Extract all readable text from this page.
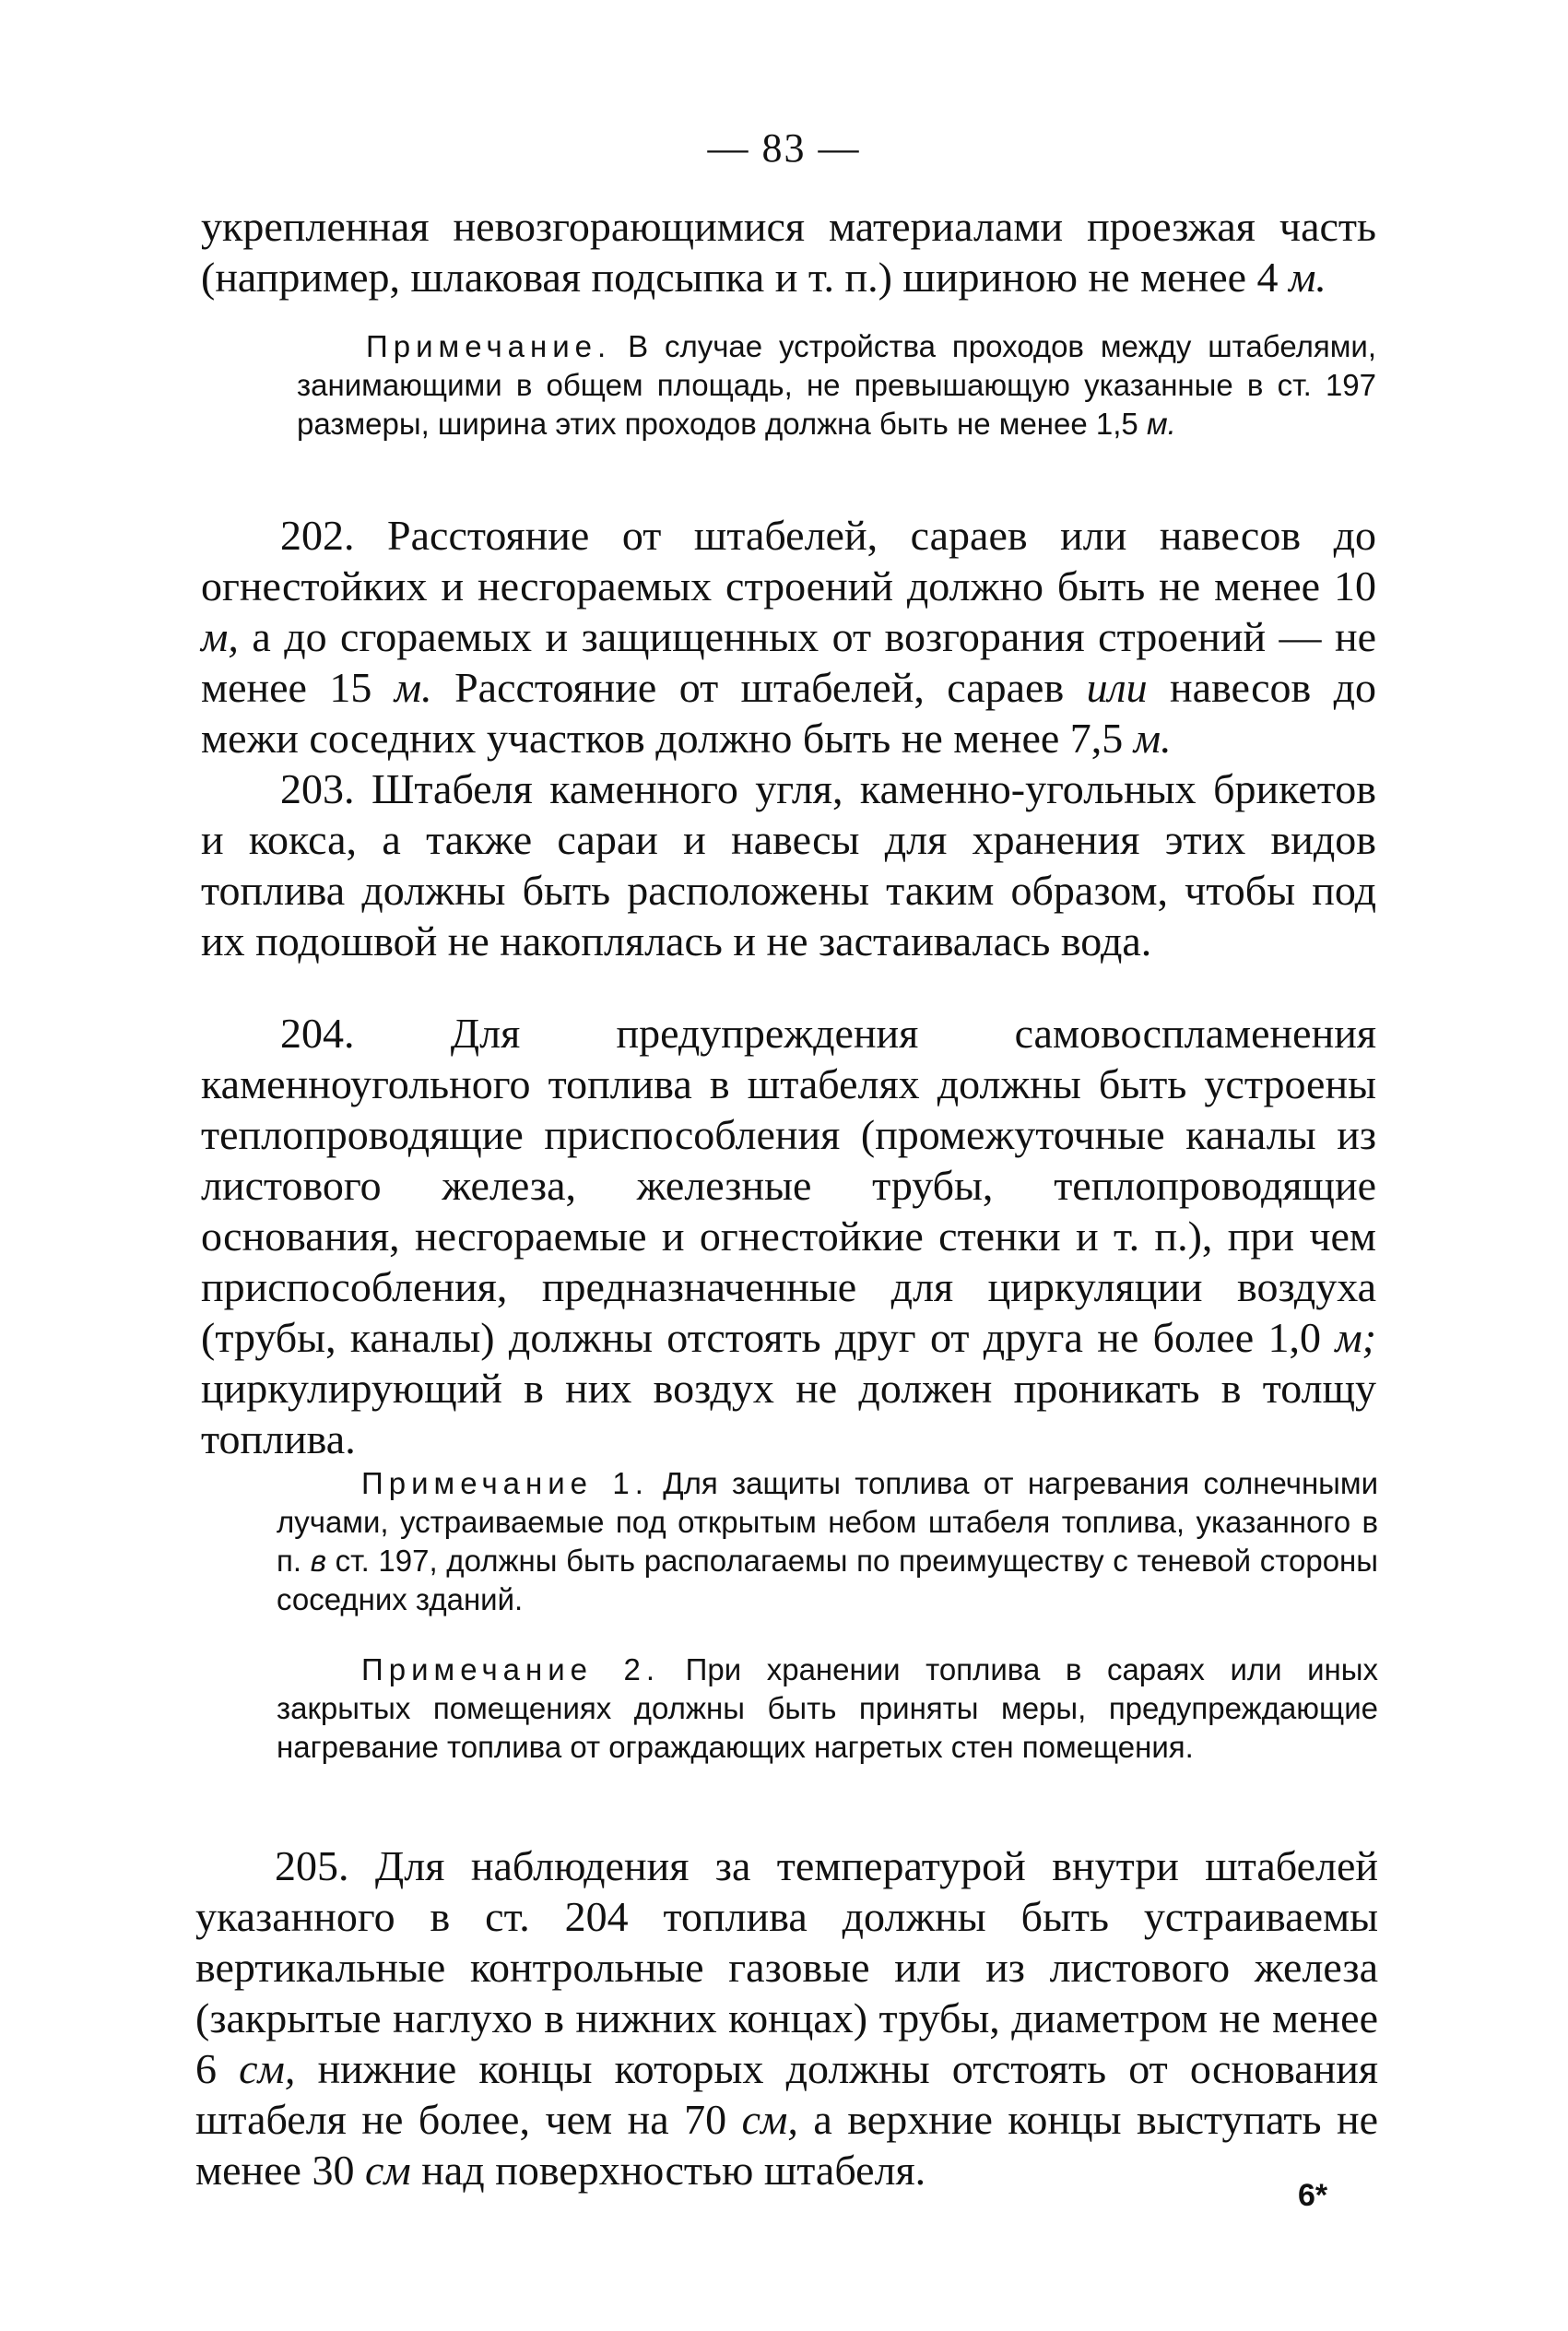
— 83 —

укрепленная невозгорающимися материалами проезжая часть (например, шлаковая подсыпка и т. п.) шириною не менее 4 м.

Примечание. В случае устройства проходов между штабелями, занимающими в общем площадь, не превышающую указанные в ст. 197 размеры, ширина этих проходов должна быть не менее 1,5 м.

202. Расстояние от штабелей, сараев или навесов до огнестойких и несгораемых строений должно быть не менее 10 м, а до сгораемых и защищенных от возгорания строений — не менее 15 м. Расстояние от штабелей, сараев или навесов до межи соседних участков должно быть не менее 7,5 м.

203. Штабеля каменного угля, каменно-угольных брикетов и кокса, а также сараи и навесы для хранения этих видов топлива должны быть расположены таким образом, чтобы под их подошвой не накоплялась и не застаивалась вода.

204. Для предупреждения самовоспламенения каменноугольного топлива в штабелях должны быть устроены теплопроводящие приспособления (промежуточные каналы из листового железа, железные трубы, теплопроводящие основания, несгораемые и огнестойкие стенки и т. п.), при чем приспособления, предназначенные для циркуляции воздуха (трубы, каналы) должны отстоять друг от друга не более 1,0 м; циркулирующий в них воздух не должен проникать в толщу топлива.

Примечание 1. Для защиты топлива от нагревания солнечными лучами, устраиваемые под открытым небом штабеля топлива, указанного в п. в ст. 197, должны быть располагаемы по преимуществу с теневой стороны соседних зданий.

Примечание 2. При хранении топлива в сараях или иных закрытых помещениях должны быть приняты меры, предупреждающие нагревание топлива от ограждающих нагретых стен помещения.

205. Для наблюдения за температурой внутри штабелей указанного в ст. 204 топлива должны быть устраиваемы вертикальные контрольные газовые или из листового железа (закрытые наглухо в нижних концах) трубы, диаметром не менее 6 см, нижние концы которых должны отстоять от основания штабеля не более, чем на 70 см, а верхние концы выступать не менее 30 см над поверхностью штабеля.

6*
